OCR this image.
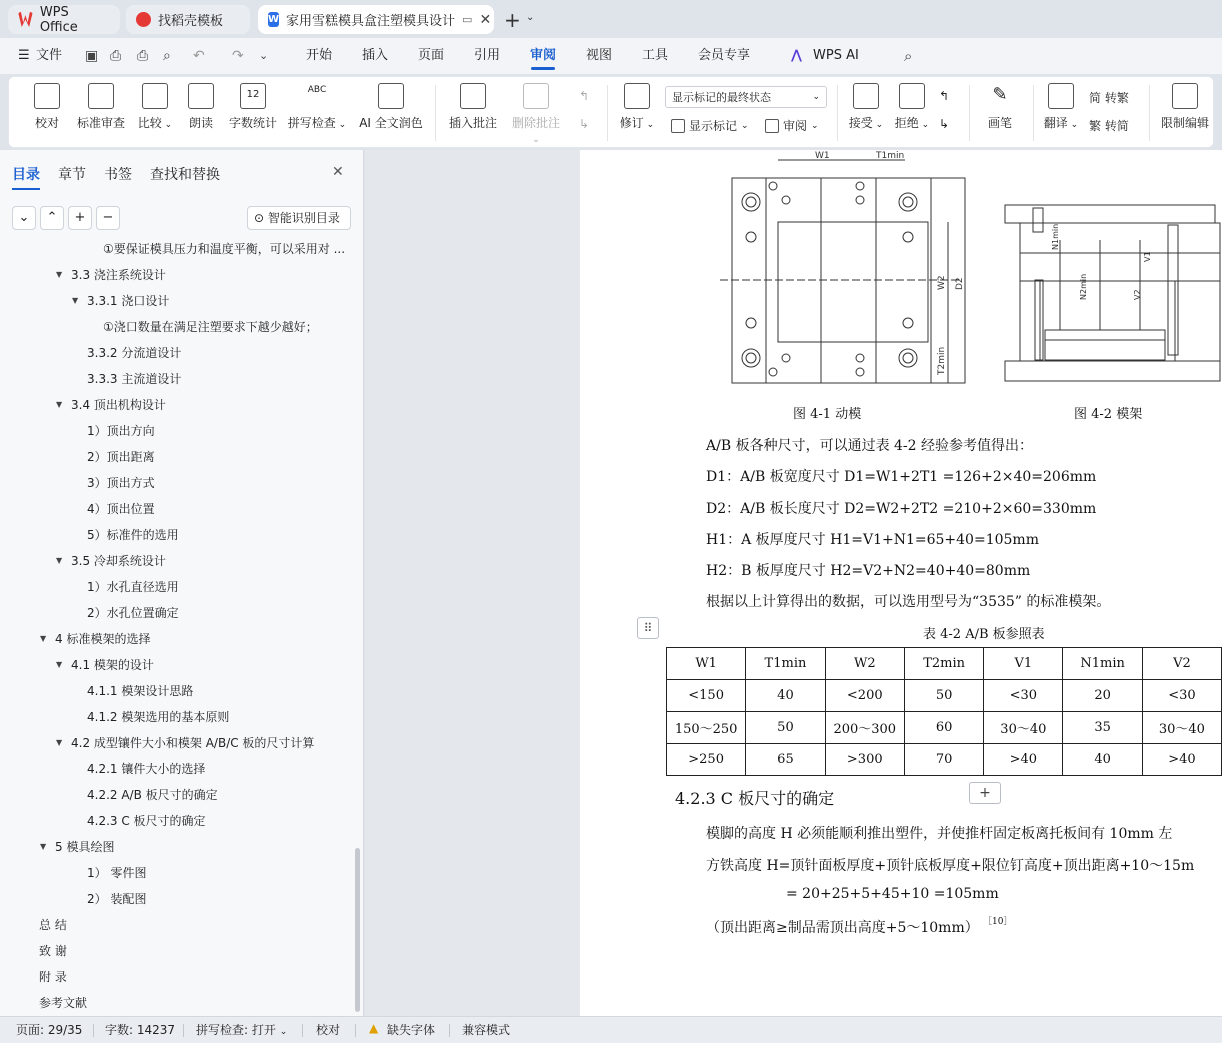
WPS Office	找稻壳模板	W 家用雪糕模具盒注塑模具设计 ▭ ✕ + ⌄
☰ 文件 ▣ ⎙ ⎙ ⌕ ↶ ↷ ⌄	开始 插入 页面 引用 审阅 视图 工具 会员专享	⋀ WPS AI	⌕
校对	标准审查 比较 ⌄ 朗读
12
字数统计
ABC
拼写检查 ⌄ AI 全文润色 插入批注	删除批注 ⌄
↰
↳	修订 ⌄
显示标记的最终状态	⌄
显示标记 ⌄	审阅 ⌄	接受 ⌄ 拒绝 ⌄
↰
↳
✎
画笔	翻译 ⌄
简 转繁
繁 转简	限制编辑
目录 章节 书签 查找和替换	✕
⌄	⌃	+	−	⊙ 智能识别目录
①要保证模具压力和温度平衡，可以采用对 ...
▼ 3.3 浇注系统设计
▼ 3.3.1 浇口设计
①浇口数量在满足注塑要求下越少越好；
3.3.2 分流道设计
3.3.3 主流道设计
▼ 3.4 顶出机构设计
1）顶出方向
2）顶出距离
3）顶出方式
4）顶出位置
5）标准件的选用
▼ 3.5 冷却系统设计
1）水孔直径选用
2）水孔位置确定
▼ 4 标准模架的选择
▼ 4.1 模架的设计
4.1.1 模架设计思路
4.1.2 模架选用的基本原则
▼ 4.2 成型镶件大小和模架 A/B/C 板的尺寸计算
4.2.1 镶件大小的选择
4.2.2 A/B 板尺寸的确定
4.2.3 C 板尺寸的确定
▼ 5 模具绘图
1） 零件图
2） 装配图
总 结
致 谢
附 录
参考文献
W1	T1min
W2 D2
T2min
N1min
V1
N2min	V2
图 4-1 动模	图 4-2 模架
A/B 板各种尺寸，可以通过表 4-2 经验参考值得出：
D1：A/B 板宽度尺寸 D1=W1+2T1 =126+2×40=206mm
D2：A/B 板长度尺寸 D2=W2+2T2 =210+2×60=330mm
H1：A 板厚度尺寸 H1=V1+N1=65+40=105mm
H2：B 板厚度尺寸 H2=V2+N2=40+40=80mm
根据以上计算得出的数据，可以选用型号为“3535” 的标准模架。
⠿	表 4-2 A/B 板参照表
W1	T1min	W2	T2min	V1	N1min	V2
<150	40	<200	50	<30	20	<30
150～250	50	200～300	60	30～40	35	30～40
>250	65	>300	70	>40	40	>40
4.2.3 C 板尺寸的确定	+
模脚的高度 H 必须能顺利推出塑件，并使推杆固定板离托板间有 10mm 左
方铁高度 H=顶针面板厚度+顶针底板厚度+限位钉高度+顶出距离+10～15m
= 20+25+5+45+10 =105mm
（顶出距离≥制品需顶出高度+5～10mm） ［10］
页面: 29/35 字数: 14237 拼写检查: 打开 ⌄ 校对 ▲ 缺失字体 兼容模式
